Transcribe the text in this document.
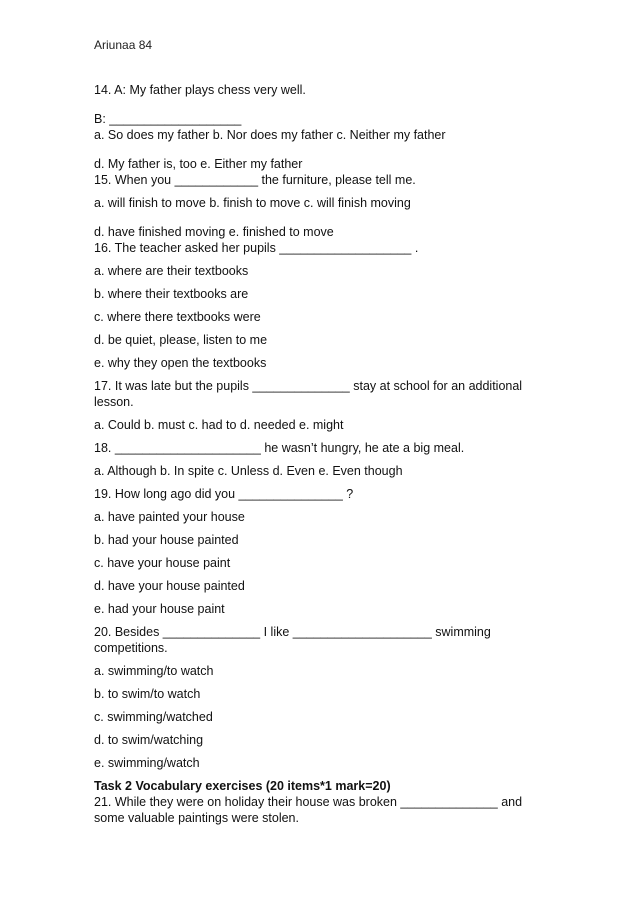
Ariunaa 84
14. A: My father plays chess very well.
B: ___________________
a. So does my father b. Nor does my father c. Neither my father
d. My father is, too e. Either my father
15. When you ____________ the furniture, please tell me.
a. will finish to move b. finish to move c. will finish moving
d. have finished moving e. finished to move
16. The teacher asked her pupils ___________________ .
a. where are their textbooks
b. where their textbooks are
c. where there textbooks were
d. be quiet, please, listen to me
e. why they open the textbooks
17. It was late but the pupils ______________ stay at school for an additional lesson.
a. Could b. must c. had to d. needed e. might
18. _____________________ he wasn’t hungry, he ate a big meal.
a. Although b. In spite c. Unless d. Even e. Even though
19. How long ago did you _______________ ?
a. have painted your house
b. had your house painted
c. have your house paint
d. have your house painted
e. had your house paint
20. Besides ______________ I like ____________________ swimming competitions.
a. swimming/to watch
b. to swim/to watch
c. swimming/watched
d. to swim/watching
e. swimming/watch
Task 2 Vocabulary exercises (20 items*1 mark=20)
21. While they were on holiday their house was broken ______________ and some valuable paintings were stolen.
